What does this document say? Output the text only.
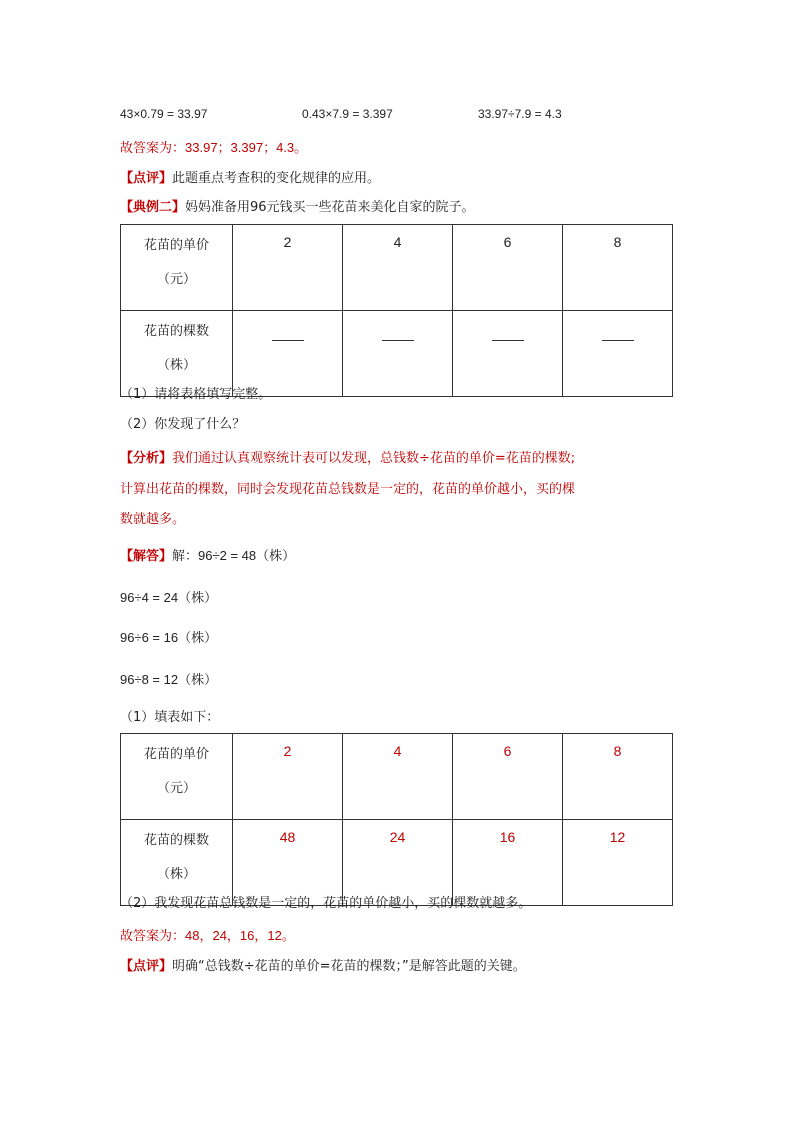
43×0.79 = 33.97	0.43×7.9 = 3.397	33.97÷7.9 = 4.3
故答案为：33.97；3.397；4.3。
【点评】此题重点考查积的变化规律的应用。
【典例二】妈妈准备用96元钱买一些花苗来美化自家的院子。
花苗的单价
（元）	2	4	6	8

花苗的棵数
（株）				

（1）请将表格填写完整。
（2）你发现了什么？
【分析】我们通过认真观察统计表可以发现，总钱数÷花苗的单价=花苗的棵数;
计算出花苗的棵数，同时会发现花苗总钱数是一定的，花苗的单价越小，买的棵
数就越多。
【解答】解：96÷2 = 48（株）
96÷4 = 24（株）
96÷6 = 16（株）
96÷8 = 12（株）
（1）填表如下：
花苗的单价
（元）	2	4	6	8

花苗的棵数
（株）	48	24	16	12
（2）我发现花苗总钱数是一定的，花苗的单价越小，买的棵数就越多。
故答案为：48，24，16，12。
【点评】明确“总钱数÷花苗的单价=花苗的棵数；”是解答此题的关键。
